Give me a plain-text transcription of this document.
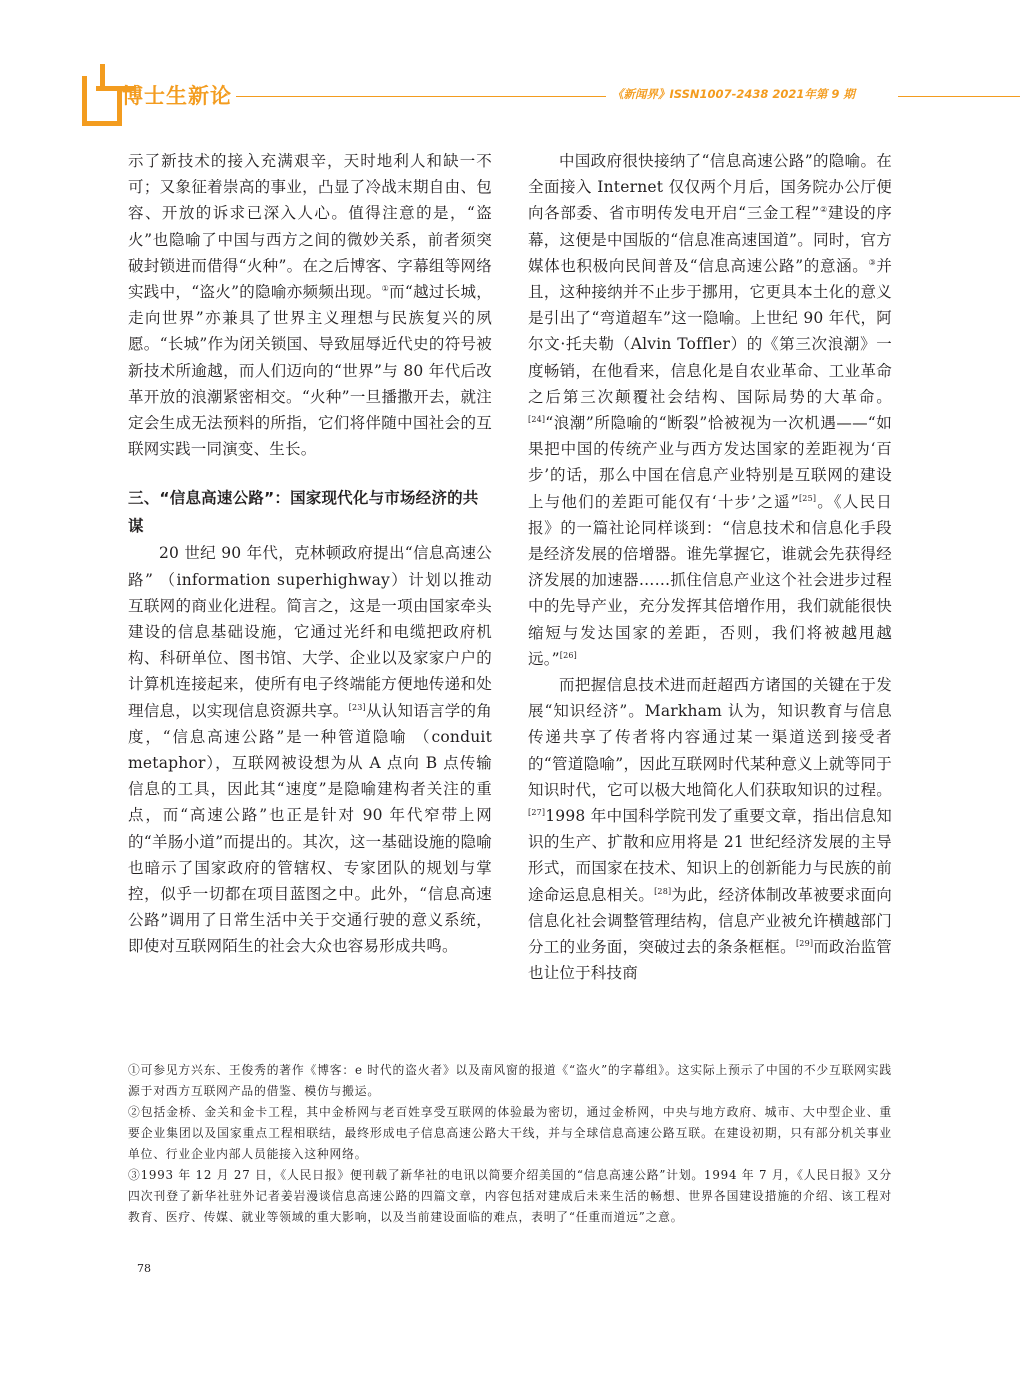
博士生新论	《新闻界》ISSN1007-2438 2021年第 9 期

示了新技术的接入充满艰辛，天时地利人和缺一不可；又象征着崇高的事业，凸显了冷战末期自由、包容、开放的诉求已深入人心。值得注意的是，“盗火”也隐喻了中国与西方之间的微妙关系，前者须突破封锁进而借得“火种”。在之后博客、字幕组等网络实践中，“盗火”的隐喻亦频频出现。①而“越过长城，走向世界”亦兼具了世界主义理想与民族复兴的夙愿。“长城”作为闭关锁国、导致屈辱近代史的符号被新技术所逾越，而人们迈向的“世界”与 80 年代后改革开放的浪潮紧密相交。“火种”一旦播撒开去，就注定会生成无法预料的所指，它们将伴随中国社会的互联网实践一同演变、生长。

三、“信息高速公路”：国家现代化与市场经济的共谋

20 世纪 90 年代，克林顿政府提出“信息高速公路” （information superhighway）计划以推动互联网的商业化进程。简言之，这是一项由国家牵头建设的信息基础设施，它通过光纤和电缆把政府机构、科研单位、图书馆、大学、企业以及家家户户的计算机连接起来，使所有电子终端能方便地传递和处理信息，以实现信息资源共享。[23]从认知语言学的角度，“信息高速公路”是一种管道隐喻 （conduit metaphor），互联网被设想为从 A 点向 B 点传输信息的工具，因此其“速度”是隐喻建构者关注的重点，而“高速公路”也正是针对 90 年代窄带上网的“羊肠小道”而提出的。其次，这一基础设施的隐喻也暗示了国家政府的管辖权、专家团队的规划与掌控，似乎一切都在项目蓝图之中。此外，“信息高速公路”调用了日常生活中关于交通行驶的意义系统，即使对互联网陌生的社会大众也容易形成共鸣。

中国政府很快接纳了“信息高速公路”的隐喻。在全面接入 Internet 仅仅两个月后，国务院办公厅便向各部委、省市明传发电开启“三金工程”②建设的序幕，这便是中国版的“信息准高速国道”。同时，官方媒体也积极向民间普及“信息高速公路”的意涵。③并且，这种接纳并不止步于挪用，它更具本土化的意义是引出了“弯道超车”这一隐喻。上世纪 90 年代，阿尔文·托夫勒（Alvin Toffler）的《第三次浪潮》一度畅销，在他看来，信息化是自农业革命、工业革命之后第三次颠覆社会结构、国际局势的大革命。[24]“浪潮”所隐喻的“断裂”恰被视为一次机遇——“如果把中国的传统产业与西方发达国家的差距视为‘百步’的话，那么中国在信息产业特别是互联网的建设上与他们的差距可能仅有‘十步’之遥”[25]。《人民日报》的一篇社论同样谈到：“信息技术和信息化手段是经济发展的倍增器。谁先掌握它，谁就会先获得经济发展的加速器……抓住信息产业这个社会进步过程中的先导产业，充分发挥其倍增作用，我们就能很快缩短与发达国家的差距，否则，我们将被越甩越远。”[26]

而把握信息技术进而赶超西方诸国的关键在于发展“知识经济”。Markham 认为，知识教育与信息传递共享了传者将内容通过某一渠道送到接受者的“管道隐喻”，因此互联网时代某种意义上就等同于知识时代，它可以极大地简化人们获取知识的过程。[27]1998 年中国科学院刊发了重要文章，指出信息知识的生产、扩散和应用将是 21 世纪经济发展的主导形式，而国家在技术、知识上的创新能力与民族的前途命运息息相关。[28]为此，经济体制改革被要求面向信息化社会调整管理结构，信息产业被允许横越部门分工的业务面，突破过去的条条框框。[29]而政治监管也让位于科技商

①可参见方兴东、王俊秀的著作《博客：e 时代的盗火者》以及南风窗的报道《“盗火”的字幕组》。这实际上预示了中国的不少互联网实践源于对西方互联网产品的借鉴、模仿与搬运。

②包括金桥、金关和金卡工程，其中金桥网与老百姓享受互联网的体验最为密切，通过金桥网，中央与地方政府、城市、大中型企业、重要企业集团以及国家重点工程相联结，最终形成电子信息高速公路大干线，并与全球信息高速公路互联。在建设初期，只有部分机关事业单位、行业企业内部人员能接入这种网络。

③1993 年 12 月 27 日，《人民日报》便刊载了新华社的电讯以简要介绍美国的“信息高速公路”计划。1994 年 7 月，《人民日报》又分四次刊登了新华社驻外记者姜岩漫谈信息高速公路的四篇文章，内容包括对建成后未来生活的畅想、世界各国建设措施的介绍、该工程对教育、医疗、传媒、就业等领域的重大影响，以及当前建设面临的难点，表明了“任重而道远”之意。

78
